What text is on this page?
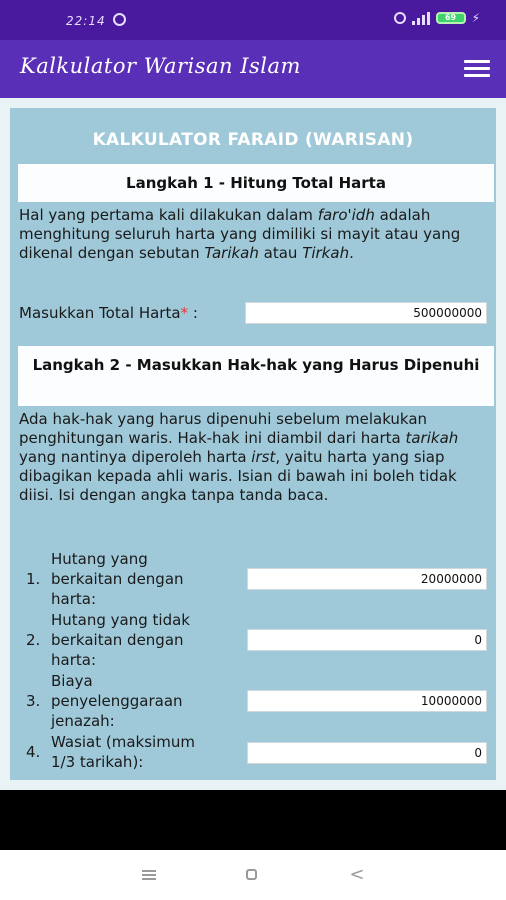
22:14	69	⚡
Kalkulator Warisan Islam
KALKULATOR FARAID (WARISAN)
Langkah 1 - Hitung Total Harta
Hal yang pertama kali dilakukan dalam faro'idh adalah menghitung seluruh harta yang dimiliki si mayit atau yang dikenal dengan sebutan Tarikah atau Tirkah.
Masukkan Total Harta* :
500000000
Langkah 2 - Masukkan Hak-hak yang Harus Dipenuhi
Ada hak-hak yang harus dipenuhi sebelum melakukan penghitungan waris. Hak-hak ini diambil dari harta tarikah yang nantinya diperoleh harta irst, yaitu harta yang siap dibagikan kepada ahli waris. Isian di bawah ini boleh tidak diisi. Isi dengan angka tanpa tanda baca.
1.
Hutang yang berkaitan dengan harta:
20000000
2.
Hutang yang tidak berkaitan dengan harta:
0
3.
Biaya penyelenggaraan jenazah:
10000000
4.
Wasiat (maksimum 1/3 tarikah):
0
<
